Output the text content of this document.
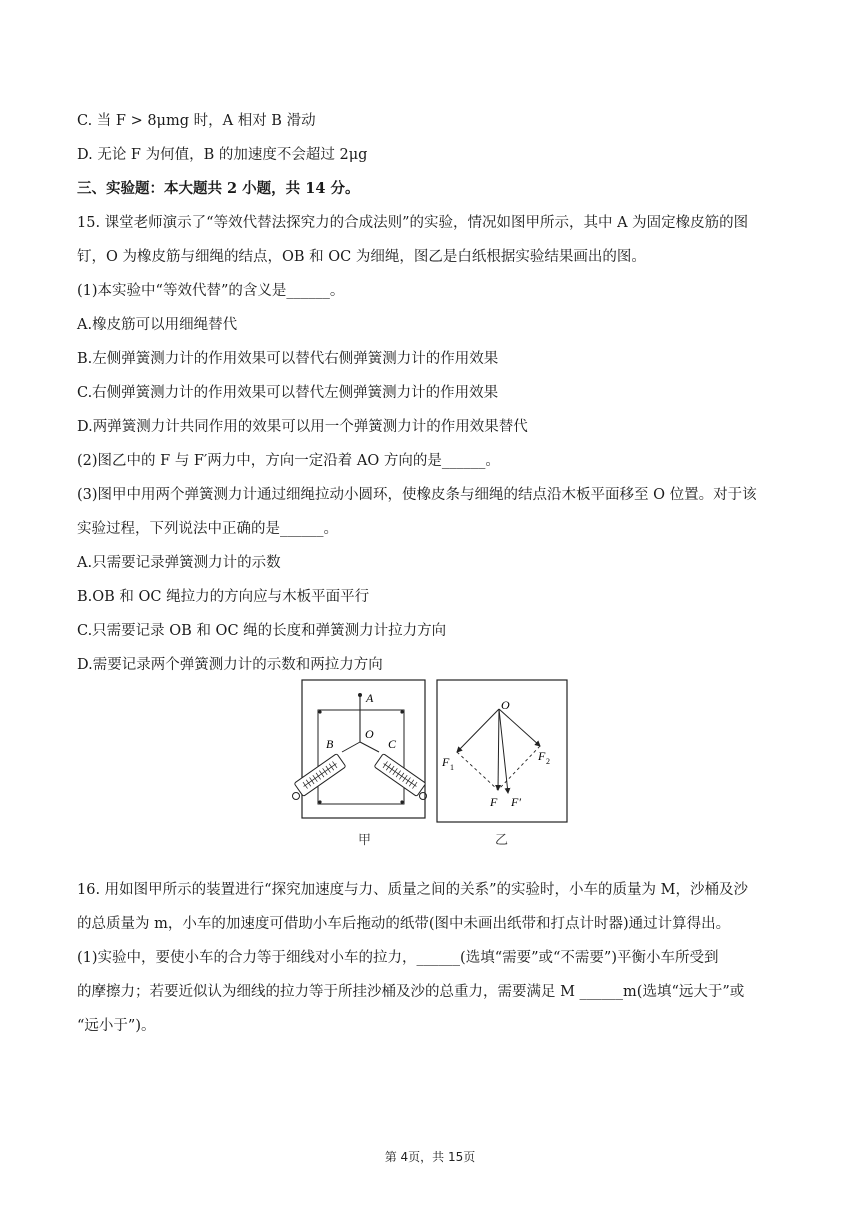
C. 当 F > 8μmg 时，A 相对 B 滑动
D. 无论 F 为何值，B 的加速度不会超过 2μg
三、实验题：本大题共 2 小题，共 14 分。
15. 课堂老师演示了“等效代替法探究力的合成法则”的实验，情况如图甲所示，其中 A 为固定橡皮筋的图
钉，O 为橡皮筋与细绳的结点，OB 和 OC 为细绳，图乙是白纸根据实验结果画出的图。
(1)本实验中“等效代替”的含义是______。
A.橡皮筋可以用细绳替代
B.左侧弹簧测力计的作用效果可以替代右侧弹簧测力计的作用效果
C.右侧弹簧测力计的作用效果可以替代左侧弹簧测力计的作用效果
D.两弹簧测力计共同作用的效果可以用一个弹簧测力计的作用效果替代
(2)图乙中的 F 与 F′两力中，方向一定沿着 AO 方向的是______。
(3)图甲中用两个弹簧测力计通过细绳拉动小圆环，使橡皮条与细绳的结点沿木板平面移至 O 位置。对于该
实验过程，下列说法中正确的是______。
A.只需要记录弹簧测力计的示数
B.OB 和 OC 绳拉力的方向应与木板平面平行
C.只需要记录 OB 和 OC 绳的长度和弹簧测力计拉力方向
D.需要记录两个弹簧测力计的示数和两拉力方向
A
B
O
C
甲
O
F 1
F 2
F F′
乙
16. 用如图甲所示的装置进行“探究加速度与力、质量之间的关系”的实验时，小车的质量为 M，沙桶及沙
的总质量为 m，小车的加速度可借助小车后拖动的纸带(图中未画出纸带和打点计时器)通过计算得出。
(1)实验中，要使小车的合力等于细线对小车的拉力，______(选填“需要”或“不需要”)平衡小车所受到
的摩擦力；若要近似认为细线的拉力等于所挂沙桶及沙的总重力，需要满足 M ______m(选填“远大于”或
“远小于”)。
第 4页，共 15页
